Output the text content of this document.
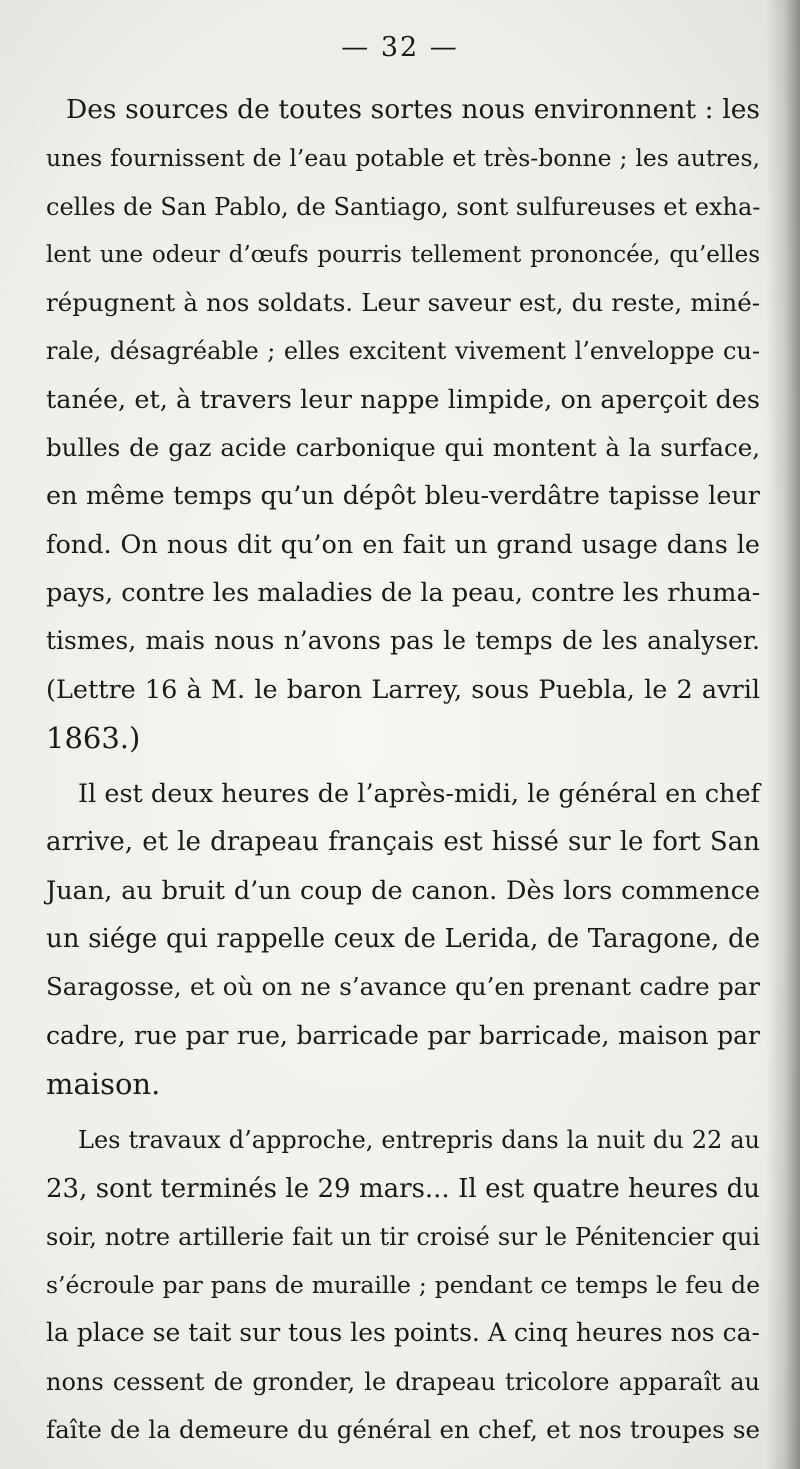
— 32 —
Des sources de toutes sortes nous environnent : les
unes fournissent de l’eau potable et très-bonne ; les autres,
celles de San Pablo, de Santiago, sont sulfureuses et exha-
lent une odeur d’œufs pourris tellement prononcée, qu’elles
répugnent à nos soldats. Leur saveur est, du reste, miné-
rale, désagréable ; elles excitent vivement l’enveloppe cu-
tanée, et, à travers leur nappe limpide, on aperçoit des
bulles de gaz acide carbonique qui montent à la surface,
en même temps qu’un dépôt bleu-verdâtre tapisse leur
fond. On nous dit qu’on en fait un grand usage dans le
pays, contre les maladies de la peau, contre les rhuma-
tismes, mais nous n’avons pas le temps de les analyser.
(Lettre 16 à M. le baron Larrey, sous Puebla, le 2 avril
1863.)
Il est deux heures de l’après-midi, le général en chef
arrive, et le drapeau français est hissé sur le fort San
Juan, au bruit d’un coup de canon. Dès lors commence
un siége qui rappelle ceux de Lerida, de Taragone, de
Saragosse, et où on ne s’avance qu’en prenant cadre par
cadre, rue par rue, barricade par barricade, maison par
maison.
Les travaux d’approche, entrepris dans la nuit du 22 au
23, sont terminés le 29 mars... Il est quatre heures du
soir, notre artillerie fait un tir croisé sur le Pénitencier qui
s’écroule par pans de muraille ; pendant ce temps le feu de
la place se tait sur tous les points. A cinq heures nos ca-
nons cessent de gronder, le drapeau tricolore apparaît au
faîte de la demeure du général en chef, et nos troupes se
